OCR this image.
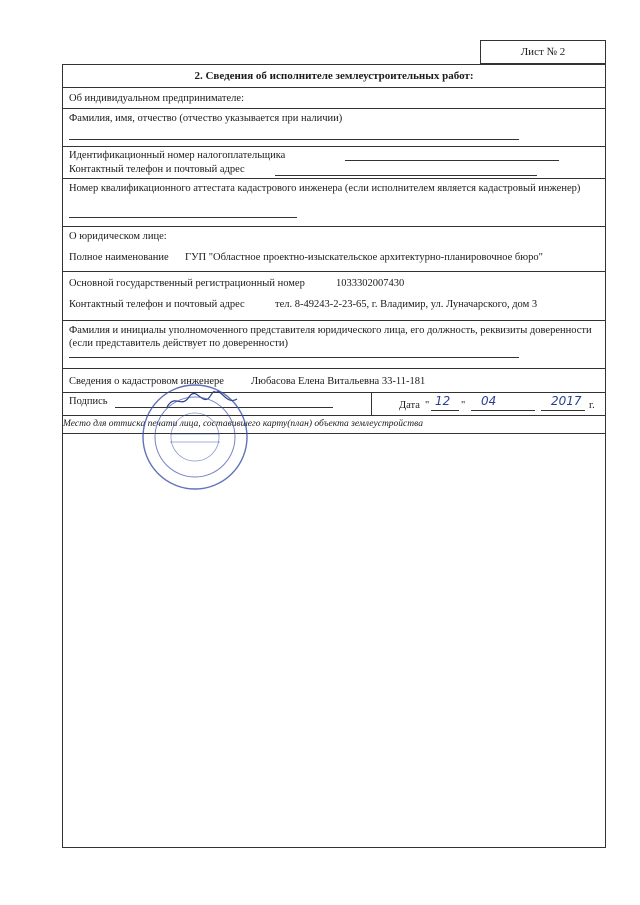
Лист № 2
2. Сведения об исполнителе землеустроительных работ:
Об индивидуальном предпринимателе:
Фамилия, имя, отчество (отчество указывается при наличии)
Идентификационный номер налогоплательщика
Контактный телефон и почтовый адрес
Номер квалификационного аттестата кадастрового инженера (если исполнителем является кадастровый инженер)
О юридическом лице:
Полное наименование ГУП "Областное проектно-изыскательское архитектурно-планировочное бюро"
Основной государственный регистрационный номер	1033302007430
Контактный телефон и почтовый адрес	тел. 8-49243-2-23-65, г. Владимир, ул. Луначарского, дом 3
Фамилия и инициалы уполномоченного представителя юридического лица, его должность, реквизиты доверенности (если представитель действует по доверенности)
Сведения о кадастровом инженере	Любасова Елена Витальевна 33-11-181
Подпись	Дата " 12 " 04	2017 г.
Место для оттиска печати лица, составившего карту(план) объекта землеустройства
